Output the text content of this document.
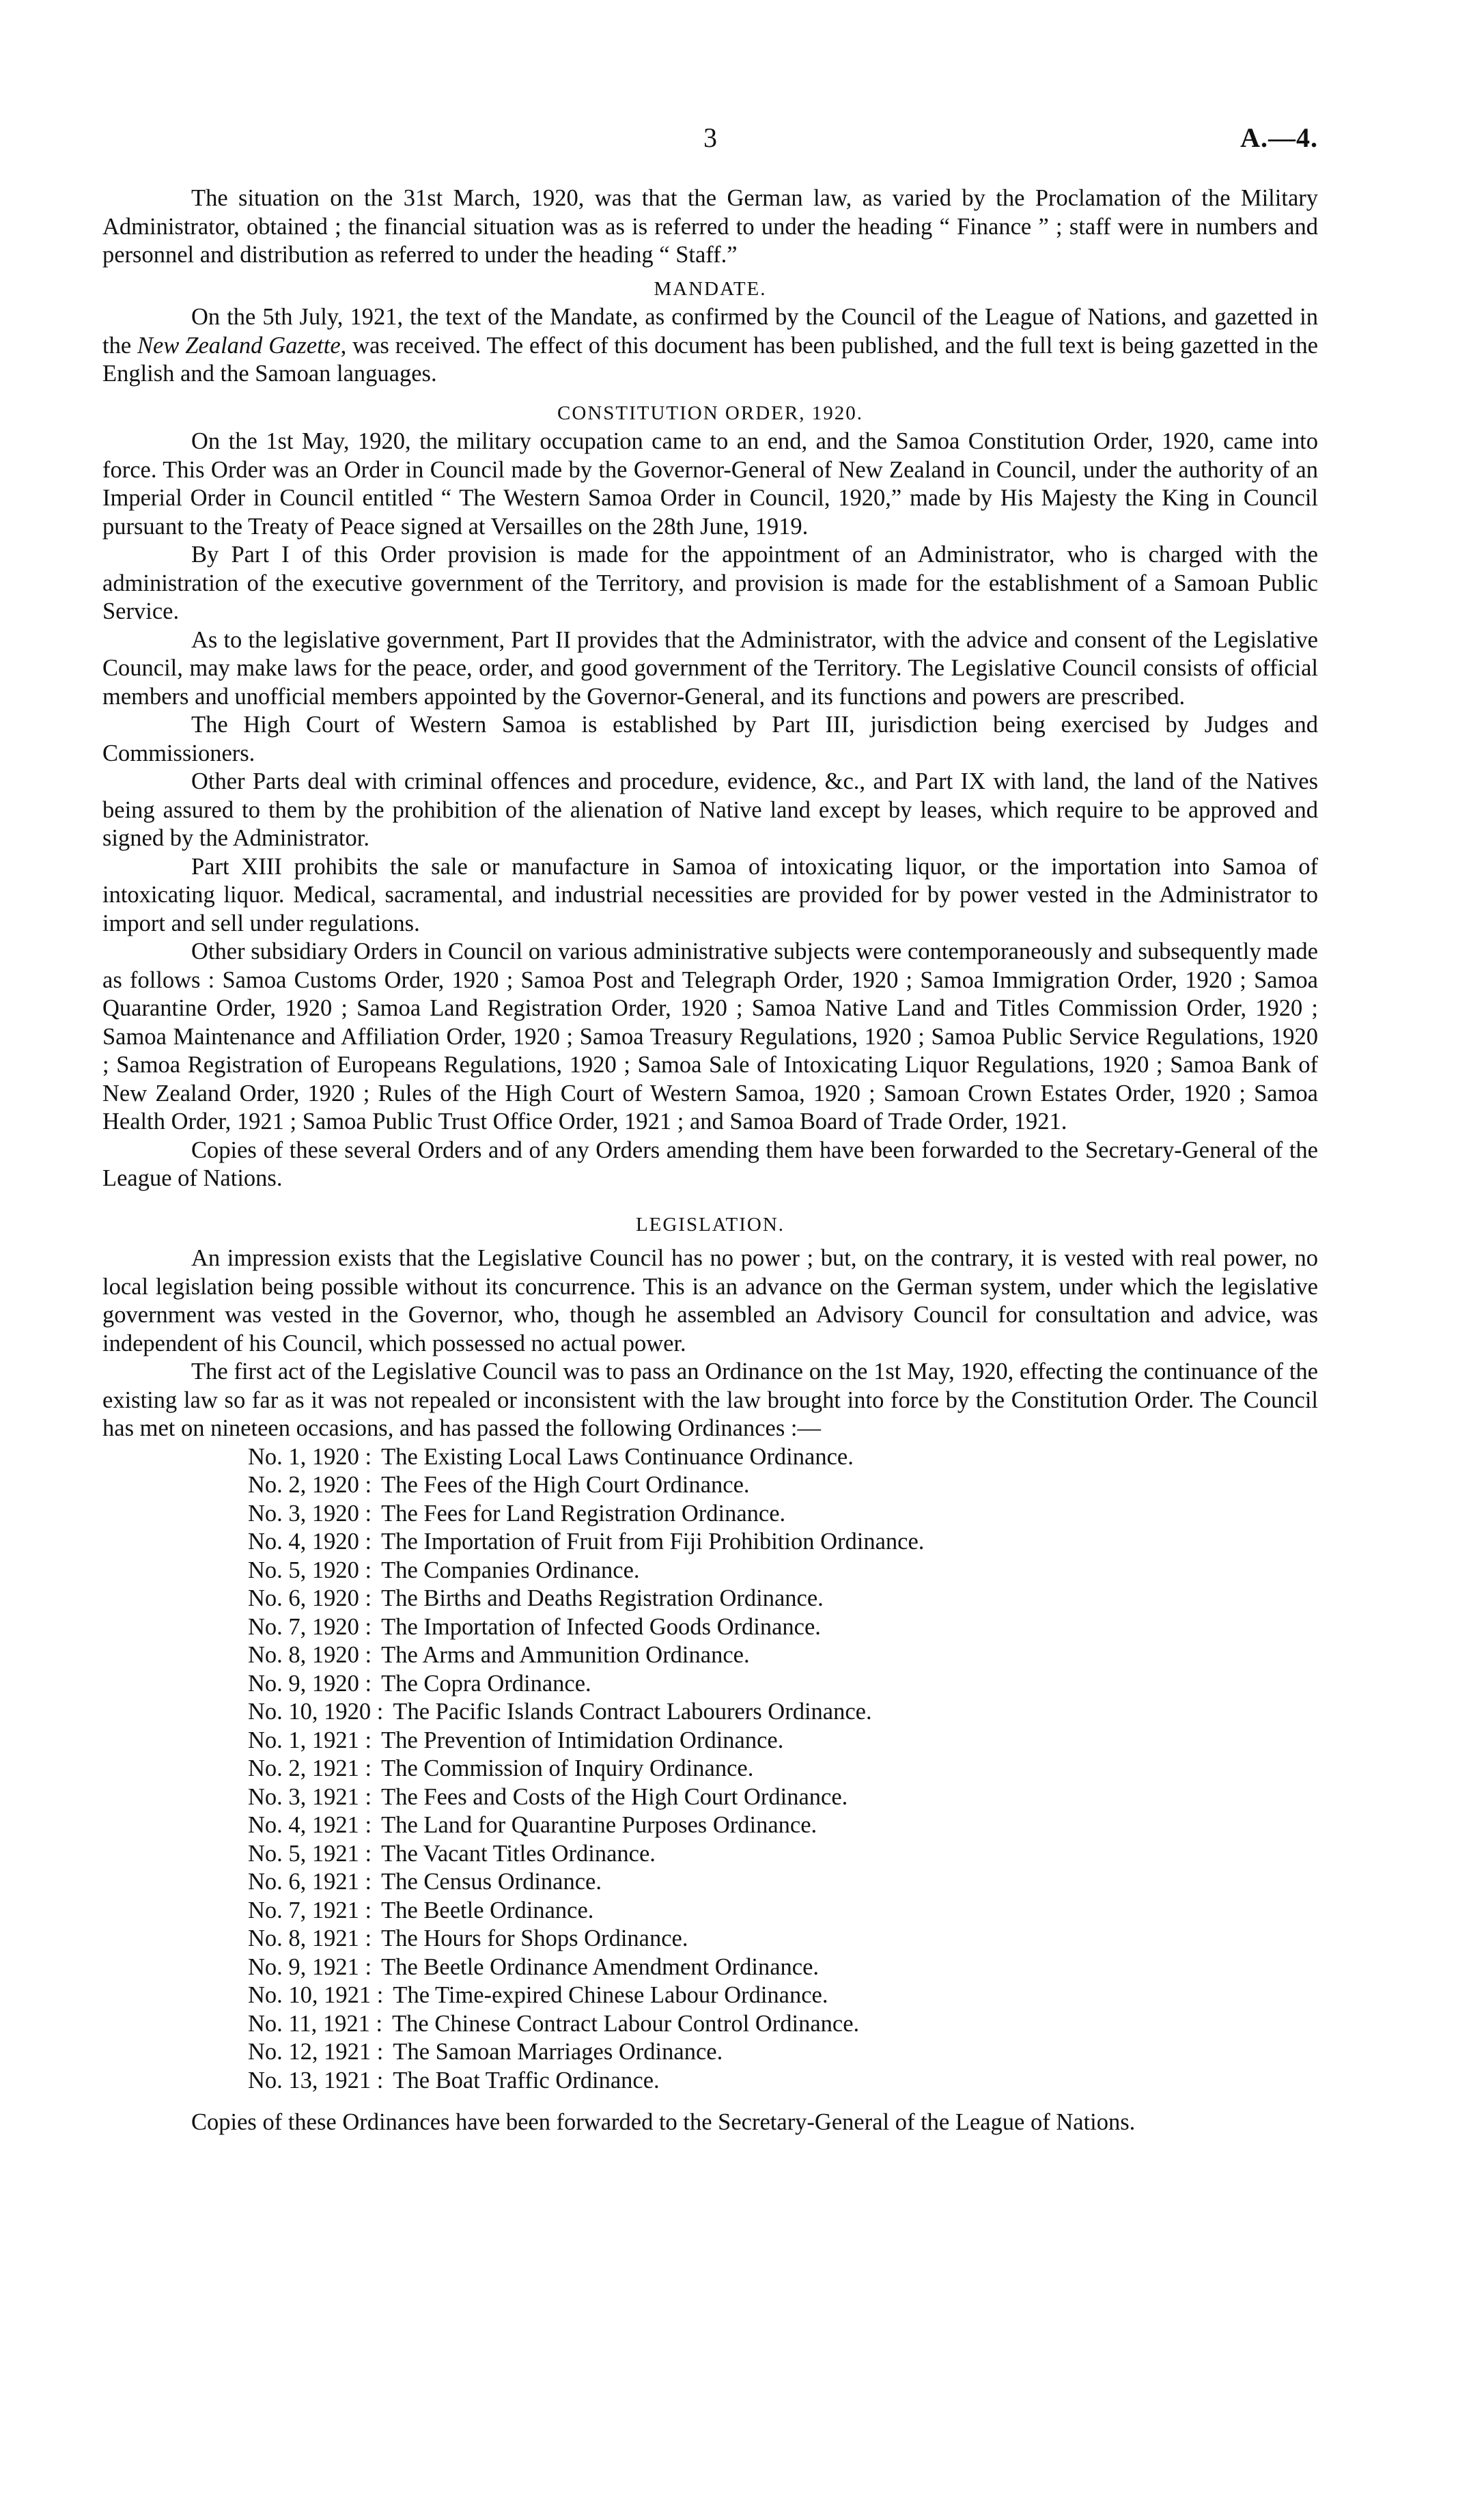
3	A.—4.

The situation on the 31st March, 1920, was that the German law, as varied by the Proclamation of the Military Administrator, obtained ; the financial situation was as is referred to under the heading “ Finance ” ; staff were in numbers and personnel and distribution as referred to under the heading “ Staff.”

MANDATE.

On the 5th July, 1921, the text of the Mandate, as confirmed by the Council of the League of Nations, and gazetted in the New Zealand Gazette, was received. The effect of this document has been published, and the full text is being gazetted in the English and the Samoan languages.

CONSTITUTION ORDER, 1920.

On the 1st May, 1920, the military occupation came to an end, and the Samoa Constitution Order, 1920, came into force. This Order was an Order in Council made by the Governor-General of New Zealand in Council, under the authority of an Imperial Order in Council entitled “ The Western Samoa Order in Council, 1920,” made by His Majesty the King in Council pursuant to the Treaty of Peace signed at Versailles on the 28th June, 1919.

By Part I of this Order provision is made for the appointment of an Administrator, who is charged with the administration of the executive government of the Territory, and provision is made for the establishment of a Samoan Public Service.

As to the legislative government, Part II provides that the Administrator, with the advice and consent of the Legislative Council, may make laws for the peace, order, and good government of the Territory. The Legislative Council consists of official members and unofficial members appointed by the Governor-General, and its functions and powers are prescribed.

The High Court of Western Samoa is established by Part III, jurisdiction being exercised by Judges and Commissioners.

Other Parts deal with criminal offences and procedure, evidence, &c., and Part IX with land, the land of the Natives being assured to them by the prohibition of the alienation of Native land except by leases, which require to be approved and signed by the Administrator.

Part XIII prohibits the sale or manufacture in Samoa of intoxicating liquor, or the importation into Samoa of intoxicating liquor. Medical, sacramental, and industrial necessities are provided for by power vested in the Administrator to import and sell under regulations.

Other subsidiary Orders in Council on various administrative subjects were contemporaneously and subsequently made as follows : Samoa Customs Order, 1920 ; Samoa Post and Telegraph Order, 1920 ; Samoa Immigration Order, 1920 ; Samoa Quarantine Order, 1920 ; Samoa Land Registration Order, 1920 ; Samoa Native Land and Titles Commission Order, 1920 ; Samoa Maintenance and Affiliation Order, 1920 ; Samoa Treasury Regulations, 1920 ; Samoa Public Service Regulations, 1920 ; Samoa Registration of Europeans Regulations, 1920 ; Samoa Sale of Intoxicating Liquor Regulations, 1920 ; Samoa Bank of New Zealand Order, 1920 ; Rules of the High Court of Western Samoa, 1920 ; Samoan Crown Estates Order, 1920 ; Samoa Health Order, 1921 ; Samoa Public Trust Office Order, 1921 ; and Samoa Board of Trade Order, 1921.

Copies of these several Orders and of any Orders amending them have been forwarded to the Secretary-General of the League of Nations.

LEGISLATION.

An impression exists that the Legislative Council has no power ; but, on the contrary, it is vested with real power, no local legislation being possible without its concurrence. This is an advance on the German system, under which the legislative government was vested in the Governor, who, though he assembled an Advisory Council for consultation and advice, was independent of his Council, which possessed no actual power.

The first act of the Legislative Council was to pass an Ordinance on the 1st May, 1920, effecting the continuance of the existing law so far as it was not repealed or inconsistent with the law brought into force by the Constitution Order. The Council has met on nineteen occasions, and has passed the following Ordinances :—

No. 1, 1920 : The Existing Local Laws Continuance Ordinance.
No. 2, 1920 : The Fees of the High Court Ordinance.
No. 3, 1920 : The Fees for Land Registration Ordinance.
No. 4, 1920 : The Importation of Fruit from Fiji Prohibition Ordinance.
No. 5, 1920 : The Companies Ordinance.
No. 6, 1920 : The Births and Deaths Registration Ordinance.
No. 7, 1920 : The Importation of Infected Goods Ordinance.
No. 8, 1920 : The Arms and Ammunition Ordinance.
No. 9, 1920 : The Copra Ordinance.
No. 10, 1920 : The Pacific Islands Contract Labourers Ordinance.
No. 1, 1921 : The Prevention of Intimidation Ordinance.
No. 2, 1921 : The Commission of Inquiry Ordinance.
No. 3, 1921 : The Fees and Costs of the High Court Ordinance.
No. 4, 1921 : The Land for Quarantine Purposes Ordinance.
No. 5, 1921 : The Vacant Titles Ordinance.
No. 6, 1921 : The Census Ordinance.
No. 7, 1921 : The Beetle Ordinance.
No. 8, 1921 : The Hours for Shops Ordinance.
No. 9, 1921 : The Beetle Ordinance Amendment Ordinance.
No. 10, 1921 : The Time-expired Chinese Labour Ordinance.
No. 11, 1921 : The Chinese Contract Labour Control Ordinance.
No. 12, 1921 : The Samoan Marriages Ordinance.
No. 13, 1921 : The Boat Traffic Ordinance.

Copies of these Ordinances have been forwarded to the Secretary-General of the League of Nations.
